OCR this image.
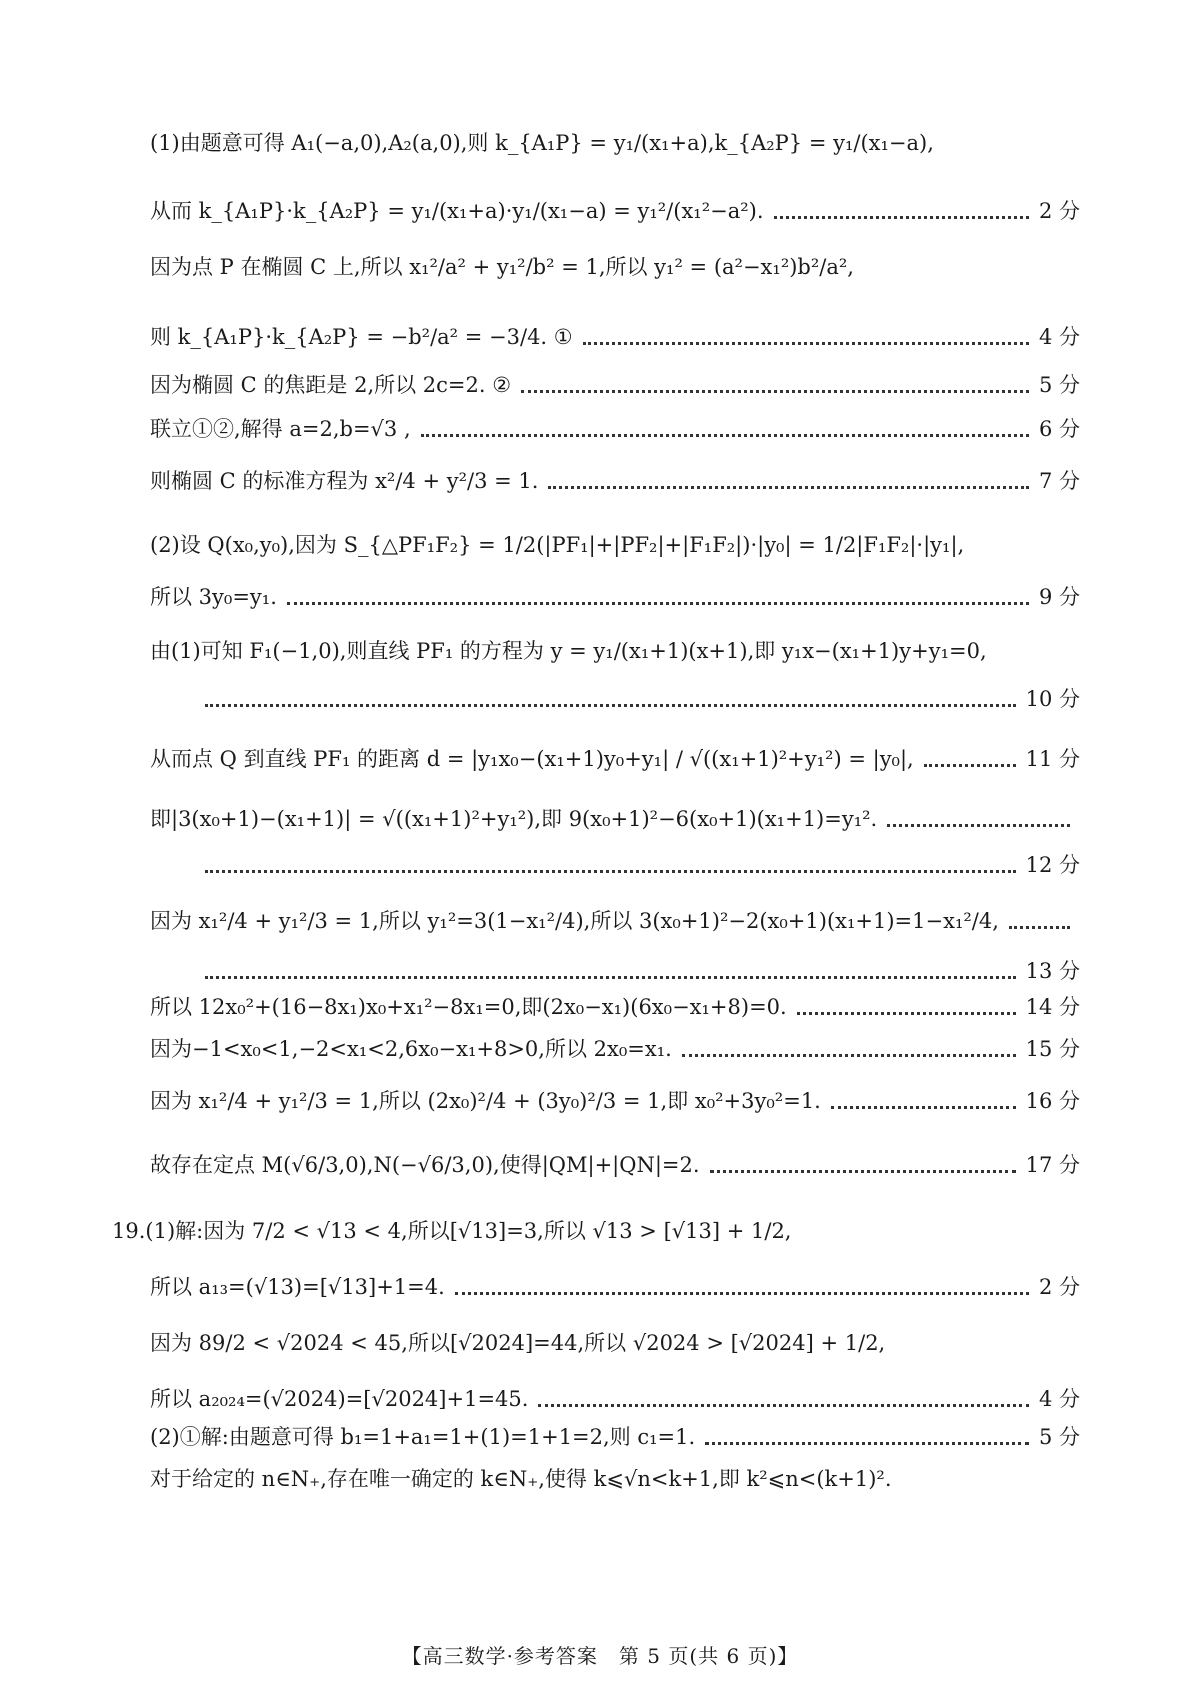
(1)由题意可得 A₁(−a,0),A₂(a,0),则 k_{A₁P} = y₁/(x₁+a),k_{A₂P} = y₁/(x₁−a),
从而 k_{A₁P}·k_{A₂P} = y₁/(x₁+a)·y₁/(x₁−a) = y₁²/(x₁²−a²).	2 分
因为点 P 在椭圆 C 上,所以 x₁²/a² + y₁²/b² = 1,所以 y₁² = (a²−x₁²)b²/a²,
则 k_{A₁P}·k_{A₂P} = −b²/a² = −3/4. ①	4 分
因为椭圆 C 的焦距是 2,所以 2c=2. ②	5 分
联立①②,解得 a=2,b=√3 ,	6 分
则椭圆 C 的标准方程为 x²/4 + y²/3 = 1.	7 分
(2)设 Q(x₀,y₀),因为 S_{△PF₁F₂} = 1/2(|PF₁|+|PF₂|+|F₁F₂|)·|y₀| = 1/2|F₁F₂|·|y₁|,
所以 3y₀=y₁.	9 分
由(1)可知 F₁(−1,0),则直线 PF₁ 的方程为 y = y₁/(x₁+1)(x+1),即 y₁x−(x₁+1)y+y₁=0,
10 分
从而点 Q 到直线 PF₁ 的距离 d = |y₁x₀−(x₁+1)y₀+y₁| / √((x₁+1)²+y₁²) = |y₀|,	11 分
即|3(x₀+1)−(x₁+1)| = √((x₁+1)²+y₁²),即 9(x₀+1)²−6(x₀+1)(x₁+1)=y₁².
12 分
因为 x₁²/4 + y₁²/3 = 1,所以 y₁²=3(1−x₁²/4),所以 3(x₀+1)²−2(x₀+1)(x₁+1)=1−x₁²/4,
13 分
所以 12x₀²+(16−8x₁)x₀+x₁²−8x₁=0,即(2x₀−x₁)(6x₀−x₁+8)=0.	14 分
因为−1<x₀<1,−2<x₁<2,6x₀−x₁+8>0,所以 2x₀=x₁.	15 分
因为 x₁²/4 + y₁²/3 = 1,所以 (2x₀)²/4 + (3y₀)²/3 = 1,即 x₀²+3y₀²=1.	16 分
故存在定点 M(√6/3,0),N(−√6/3,0),使得|QM|+|QN|=2.	17 分
19.(1)解:因为 7/2 < √13 < 4,所以[√13]=3,所以 √13 > [√13] + 1/2,
所以 a₁₃=(√13)=[√13]+1=4.	2 分
因为 89/2 < √2024 < 45,所以[√2024]=44,所以 √2024 > [√2024] + 1/2,
所以 a₂₀₂₄=(√2024)=[√2024]+1=45.	4 分
(2)①解:由题意可得 b₁=1+a₁=1+(1)=1+1=2,则 c₁=1.	5 分
对于给定的 n∈N₊,存在唯一确定的 k∈N₊,使得 k⩽√n<k+1,即 k²⩽n<(k+1)².
【高三数学·参考答案　第 5 页(共 6 页)】
